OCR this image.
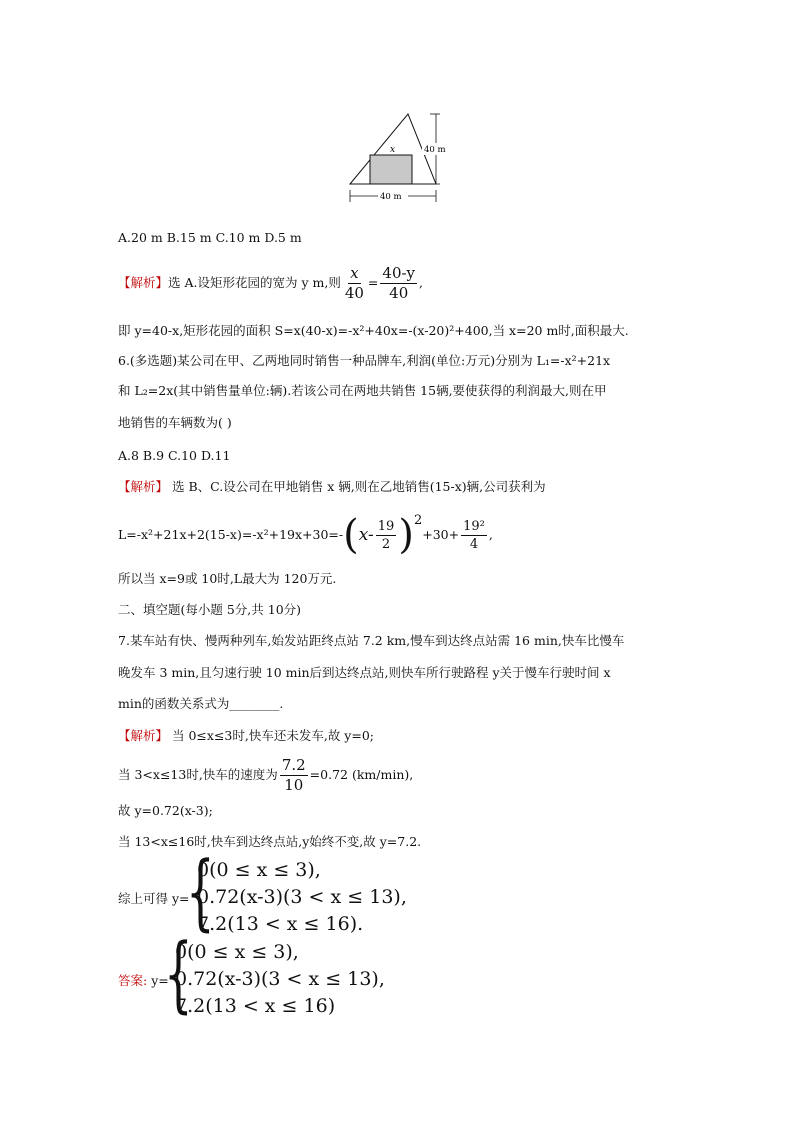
x	40 m
40 m
A.20 m B.15 m C.10 m D.5 m
【解析】 选 A.设矩形花园的宽为 y m,则 $\frac{x}{40} = \frac{40-y}{40}$ ,
即 y=40-x,矩形花园的面积 S=x(40-x)=-x²+40x=-(x-20)²+400,当 x=20 m时,面积最大.
6.(多选题)某公司在甲、乙两地同时销售一种品牌车,利润(单位:万元)分别为 L₁=-x²+21x
和 L₂=2x(其中销售量单位:辆).若该公司在两地共销售 15辆,要使获得的利润最大,则在甲
地销售的车辆数为( )
A.8 B.9 C.10 D.11
【解析】 选 B、C.设公司在甲地销售 x 辆,则在乙地销售(15-x)辆,公司获利为
L=-x²+21x+2(15-x)=-x²+19x+30=- ( $x- \frac{19}{2}$ ) 2
$+30+ \frac{\text{19²}}{4}$ ,
所以当 x=9或 10时,L最大为 120万元.
二、填空题(每小题 5分,共 10分)
7.某车站有快、慢两种列车,始发站距终点站 7.2 km,慢车到达终点站需 16 min,快车比慢车
晚发车 3 min,且匀速行驶 10 min后到达终点站,则快车所行驶路程 y关于慢车行驶时间 x
min的函数关系式为________.
【解析】 当 0≤x≤3时,快车还未发车,故 y=0;
当 3<x≤13时,快车的速度为 $\frac{7.2}{10} =0.72$ (km/min),
故 y=0.72(x-3);
当 13<x≤16时,快车到达终点站,y始终不变,故 y=7.2.
综上可得 y=
{
0(0 ≤ x ≤ 3),
0.72(x-3)(3 < x ≤ 13),
7.2(13 < x ≤ 16).
答案: y=
{
0(0 ≤ x ≤ 3),
0.72(x-3)(3 < x ≤ 13),
7.2(13 < x ≤ 16)
